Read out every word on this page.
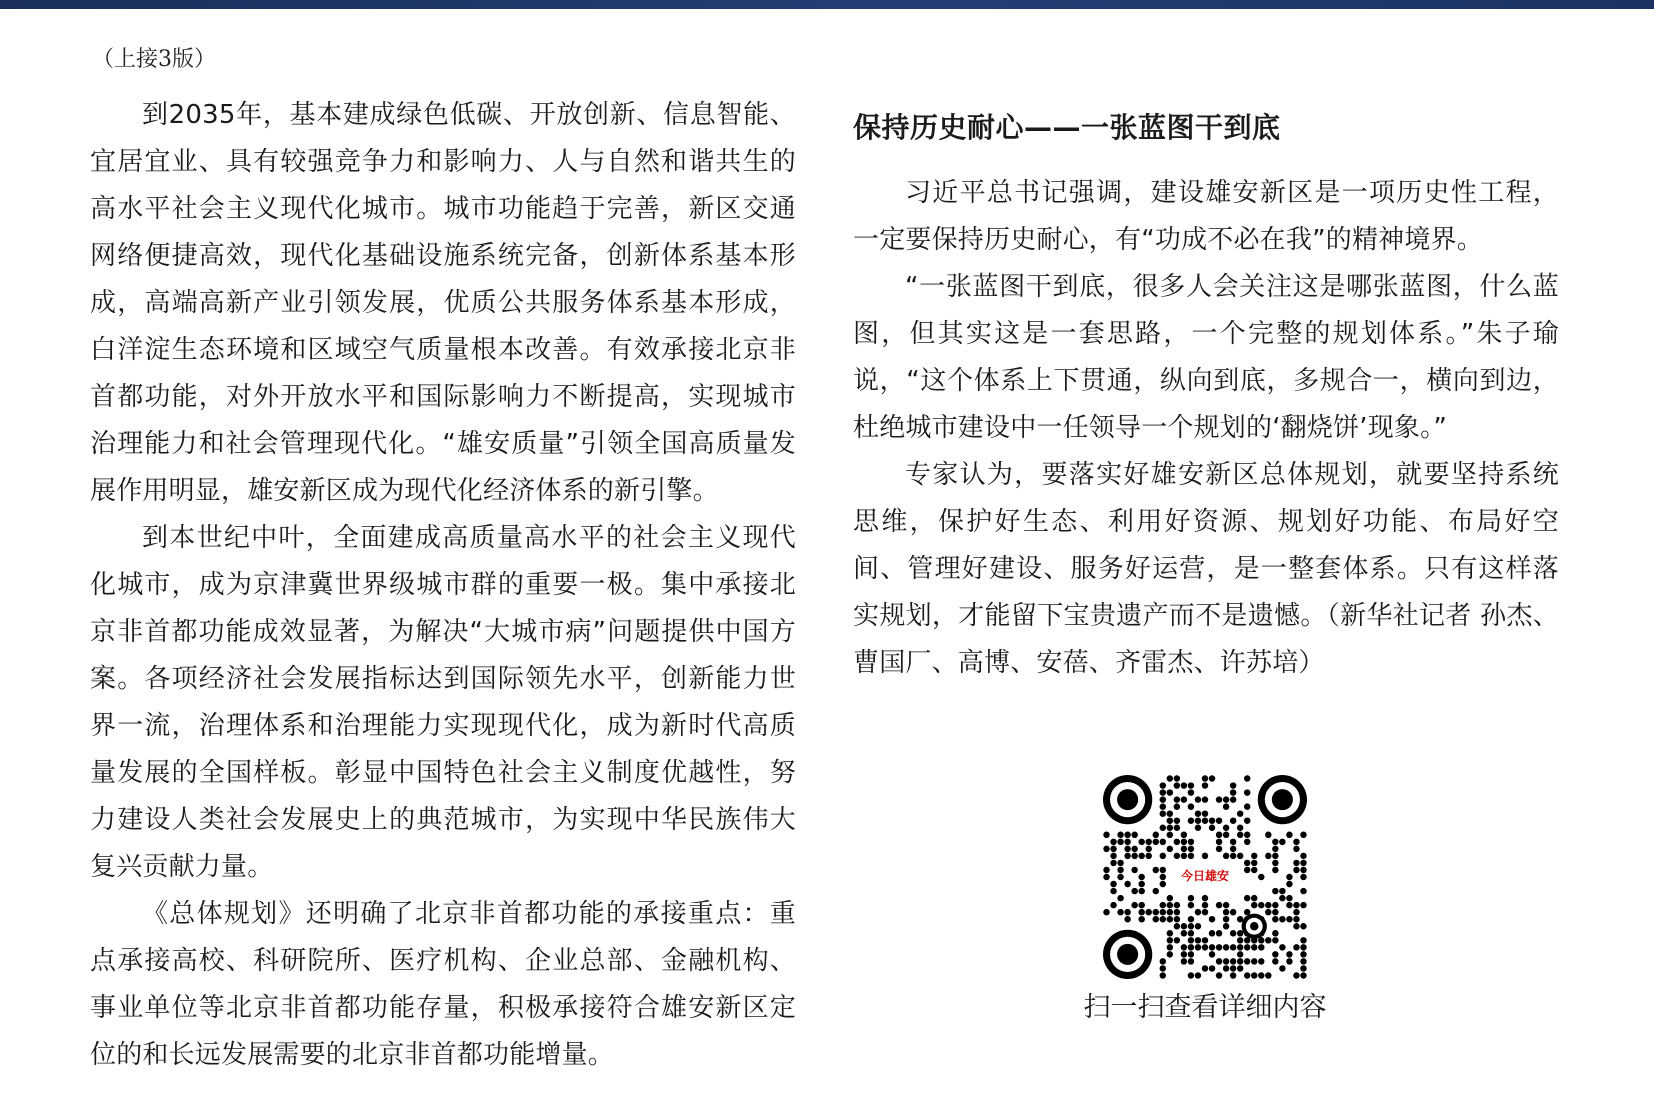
（上接3版）

到2035年，基本建成绿色低碳、开放创新、信息智能、宜居宜业、具有较强竞争力和影响力、人与自然和谐共生的高水平社会主义现代化城市。城市功能趋于完善，新区交通网络便捷高效，现代化基础设施系统完备，创新体系基本形成，高端高新产业引领发展，优质公共服务体系基本形成，白洋淀生态环境和区域空气质量根本改善。有效承接北京非首都功能，对外开放水平和国际影响力不断提高，实现城市治理能力和社会管理现代化。“雄安质量”引领全国高质量发展作用明显，雄安新区成为现代化经济体系的新引擎。

到本世纪中叶，全面建成高质量高水平的社会主义现代化城市，成为京津冀世界级城市群的重要一极。集中承接北京非首都功能成效显著，为解决“大城市病”问题提供中国方案。各项经济社会发展指标达到国际领先水平，创新能力世界一流，治理体系和治理能力实现现代化，成为新时代高质量发展的全国样板。彰显中国特色社会主义制度优越性，努力建设人类社会发展史上的典范城市，为实现中华民族伟大复兴贡献力量。

《总体规划》还明确了北京非首都功能的承接重点：重点承接高校、科研院所、医疗机构、企业总部、金融机构、事业单位等北京非首都功能存量，积极承接符合雄安新区定位的和长远发展需要的北京非首都功能增量。

保持历史耐心——一张蓝图干到底

习近平总书记强调，建设雄安新区是一项历史性工程，一定要保持历史耐心，有“功成不必在我”的精神境界。

“一张蓝图干到底，很多人会关注这是哪张蓝图，什么蓝图，但其实这是一套思路，一个完整的规划体系。”朱子瑜说，“这个体系上下贯通，纵向到底，多规合一，横向到边，杜绝城市建设中一任领导一个规划的‘翻烧饼’现象。”

专家认为，要落实好雄安新区总体规划，就要坚持系统思维，保护好生态、利用好资源、规划好功能、布局好空间、管理好建设、服务好运营，是一整套体系。只有这样落实规划，才能留下宝贵遗产而不是遗憾。（新华社记者 孙杰、曹国厂、高博、安蓓、齐雷杰、许苏培）

今日雄安
扫一扫查看详细内容
